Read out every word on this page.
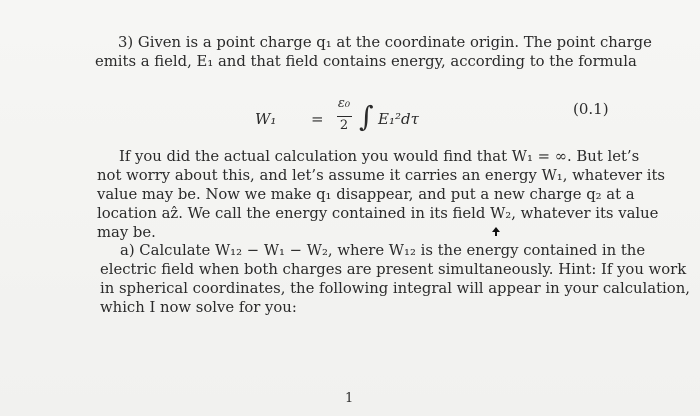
3) Given is a point charge q₁ at the coordinate origin. The point charge
emits a field, E₁ and that field contains energy, according to the formula
W₁ =
ε₀
2 ∫ E₁²dτ
(0.1)
If you did the actual calculation you would find that W₁ = ∞. But let’s
not worry about this, and let’s assume it carries an energy W₁, whatever its
value may be. Now we make q₁ disappear, and put a new charge q₂ at a
location aẑ. We call the energy contained in its field W₂, whatever its value
may be.
a) Calculate W₁₂ − W₁ − W₂, where W₁₂ is the energy contained in the
electric field when both charges are present simultaneously. Hint: If you work
in spherical coordinates, the following integral will appear in your calculation,
which I now solve for you:
1
